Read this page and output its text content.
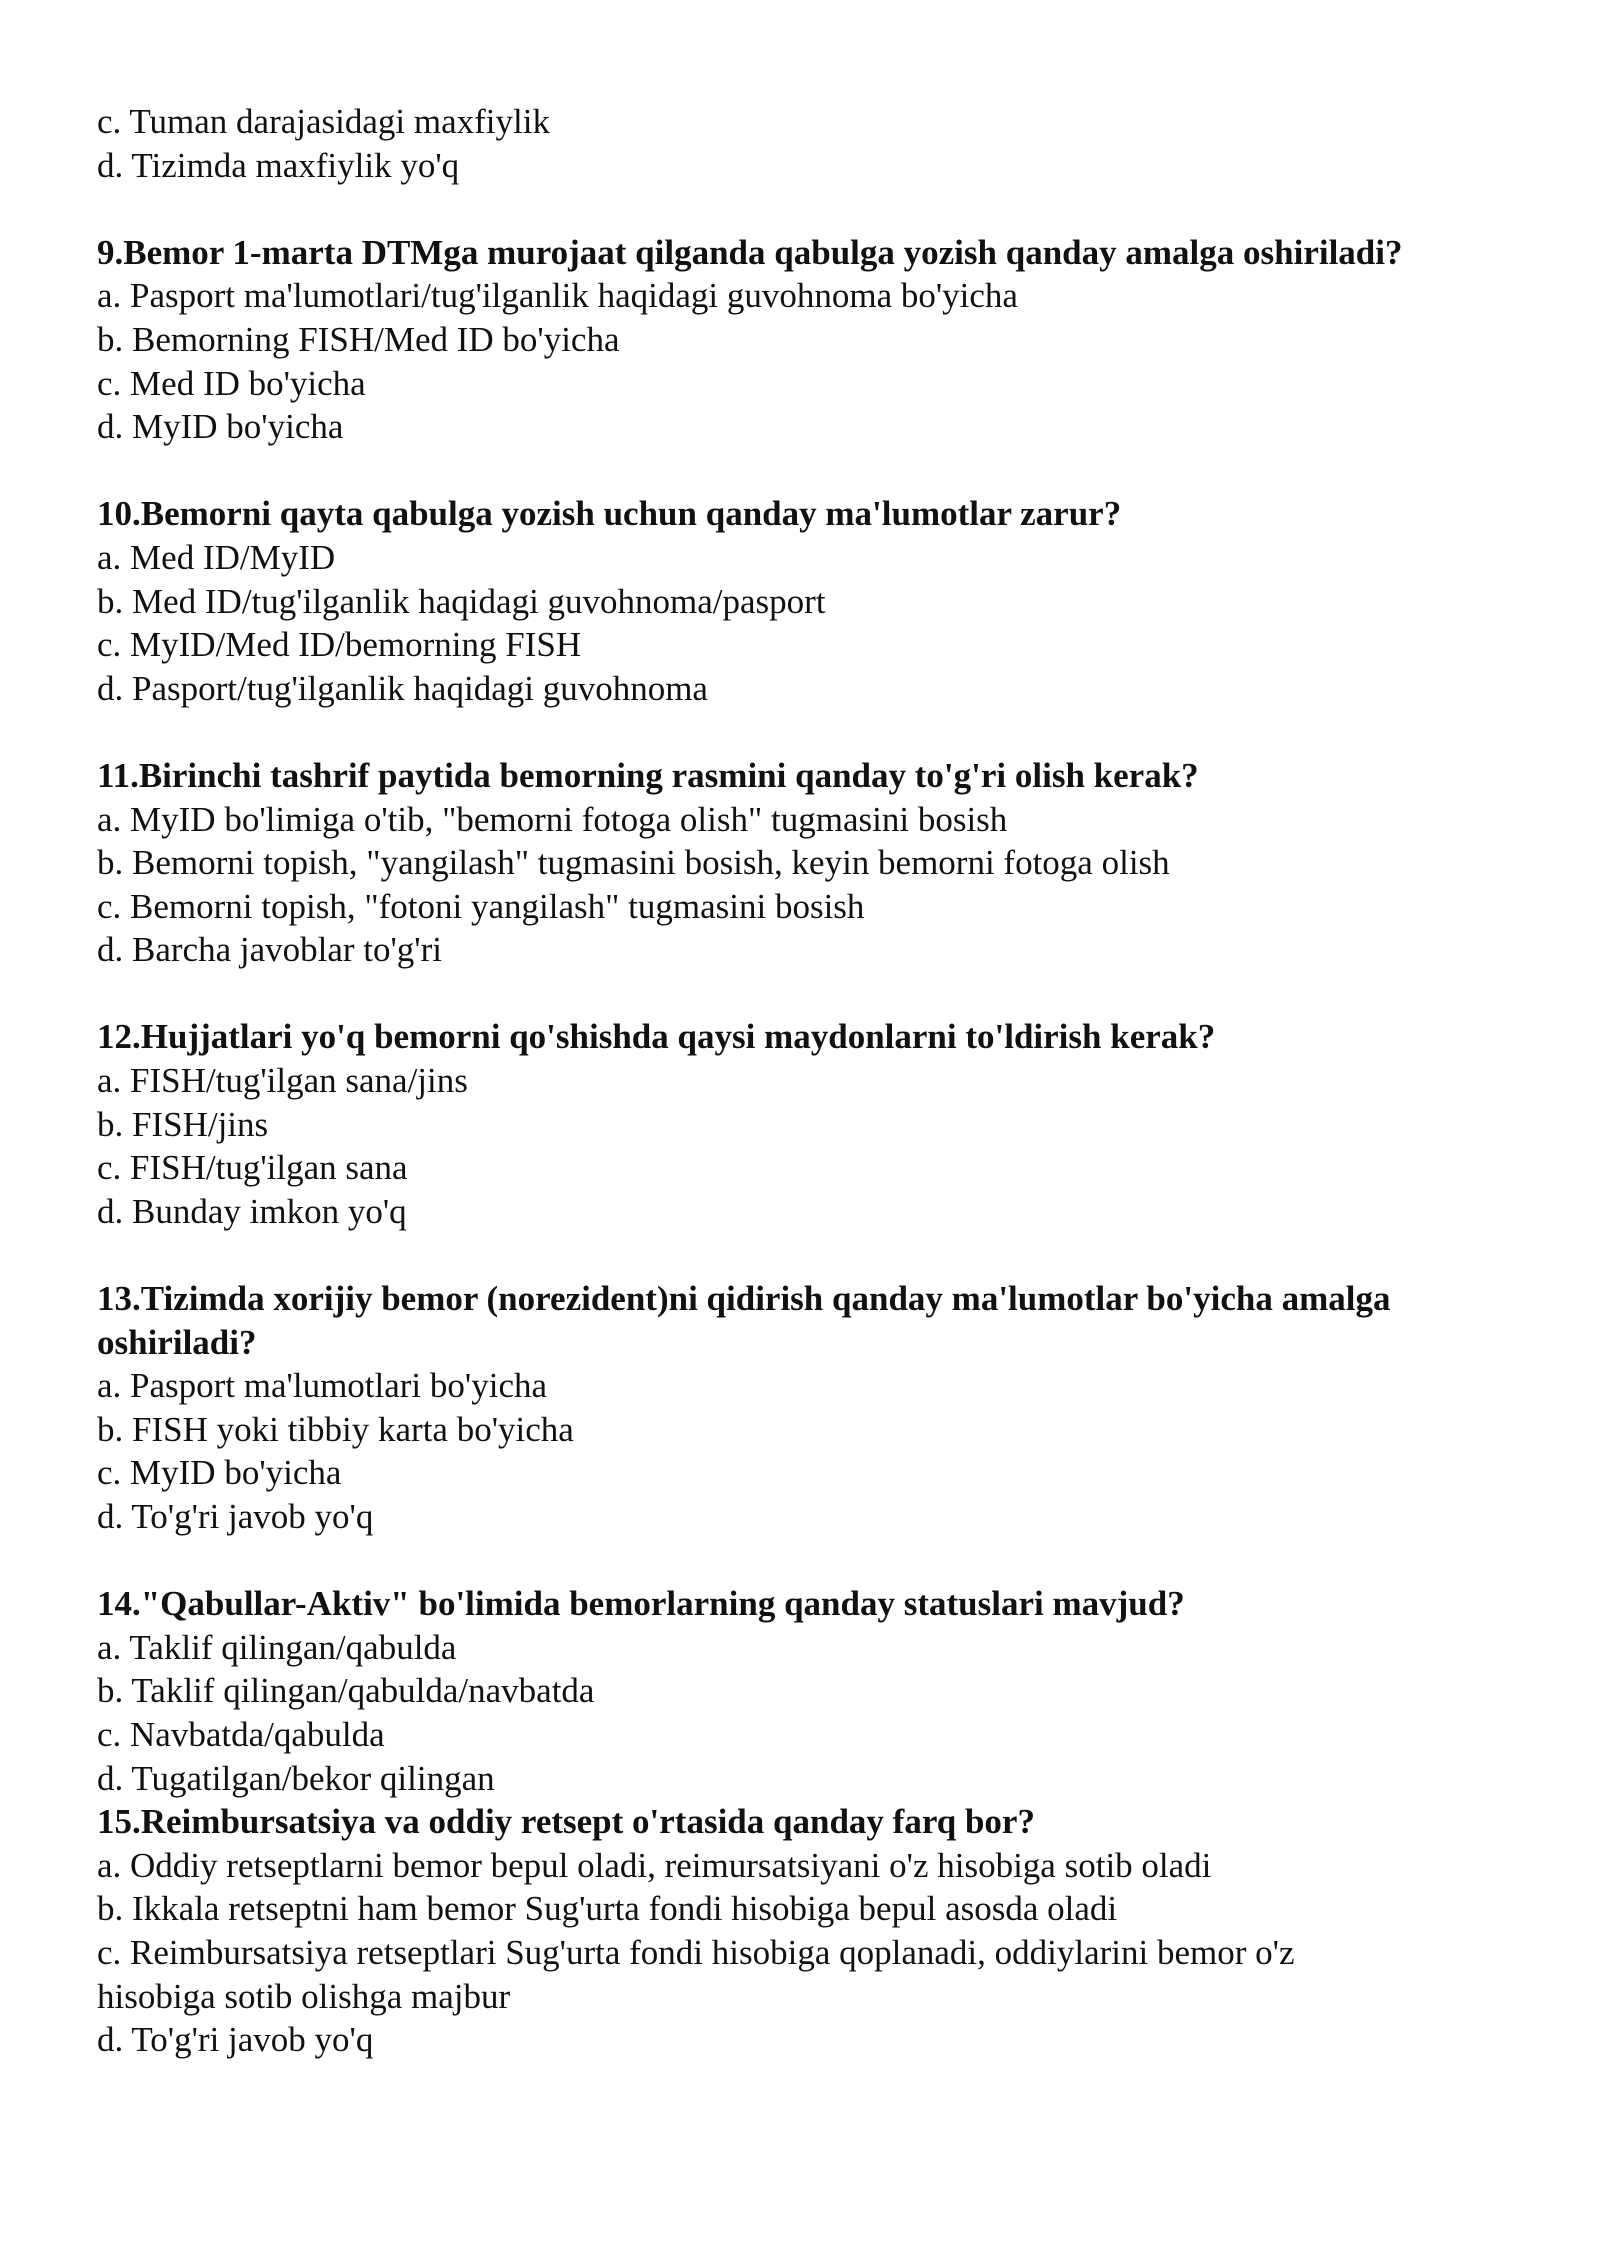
c. Tuman darajasidagi maxfiylik

d. Tizimda maxfiylik yo'q

9.Bemor 1-marta DTMga murojaat qilganda qabulga yozish qanday amalga oshiriladi?

a. Pasport ma'lumotlari/tug'ilganlik haqidagi guvohnoma bo'yicha

b. Bemorning FISH/Med ID bo'yicha

c. Med ID bo'yicha

d. MyID bo'yicha

10.Bemorni qayta qabulga yozish uchun qanday ma'lumotlar zarur?

a. Med ID/MyID

b. Med ID/tug'ilganlik haqidagi guvohnoma/pasport

c. MyID/Med ID/bemorning FISH

d. Pasport/tug'ilganlik haqidagi guvohnoma

11.Birinchi tashrif paytida bemorning rasmini qanday to'g'ri olish kerak?

a. MyID bo'limiga o'tib, "bemorni fotoga olish" tugmasini bosish

b. Bemorni topish, "yangilash" tugmasini bosish, keyin bemorni fotoga olish

c. Bemorni topish, "fotoni yangilash" tugmasini bosish

d. Barcha javoblar to'g'ri

12.Hujjatlari yo'q bemorni qo'shishda qaysi maydonlarni to'ldirish kerak?

a. FISH/tug'ilgan sana/jins

b. FISH/jins

c. FISH/tug'ilgan sana

d. Bunday imkon yo'q

13.Tizimda xorijiy bemor (norezident)ni qidirish qanday ma'lumotlar bo'yicha amalga

oshiriladi?

a. Pasport ma'lumotlari bo'yicha

b. FISH yoki tibbiy karta bo'yicha

c. MyID bo'yicha

d. To'g'ri javob yo'q

14."Qabullar-Aktiv" bo'limida bemorlarning qanday statuslari mavjud?

a. Taklif qilingan/qabulda

b. Taklif qilingan/qabulda/navbatda

c. Navbatda/qabulda

d. Tugatilgan/bekor qilingan

15.Reimbursatsiya va oddiy retsept o'rtasida qanday farq bor?

a. Oddiy retseptlarni bemor bepul oladi, reimursatsiyani o'z hisobiga sotib oladi

b. Ikkala retseptni ham bemor Sug'urta fondi hisobiga bepul asosda oladi

c. Reimbursatsiya retseptlari Sug'urta fondi hisobiga qoplanadi, oddiylarini bemor o'z

hisobiga sotib olishga majbur

d. To'g'ri javob yo'q
